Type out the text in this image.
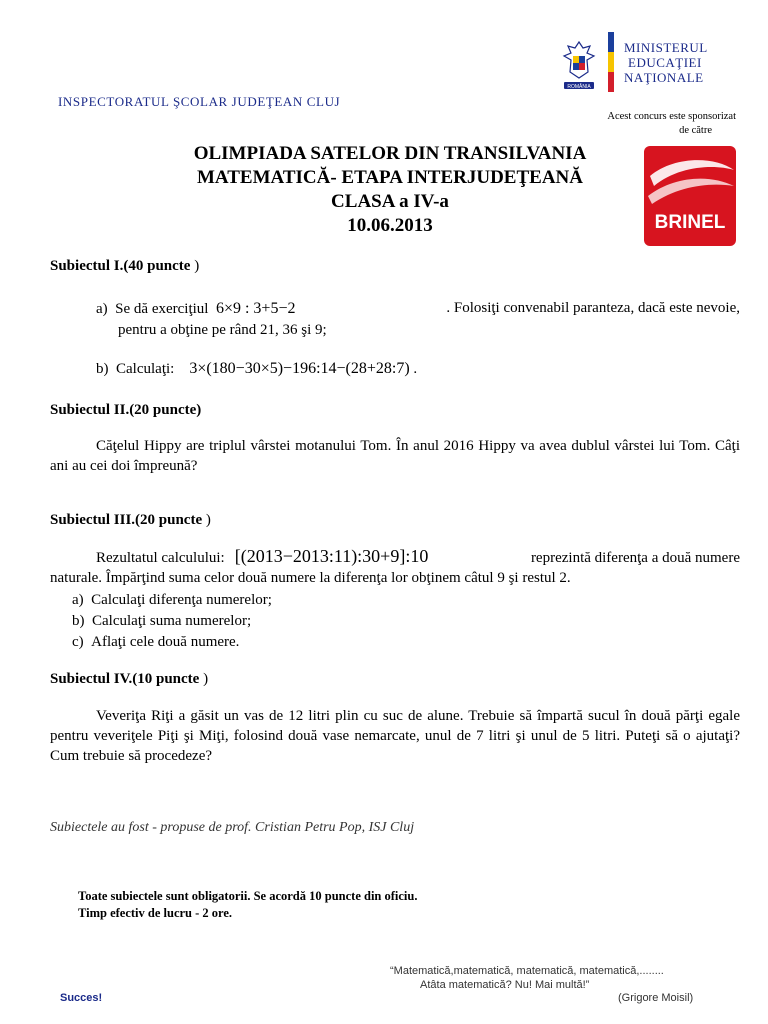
INSPECTORATUL ŞCOLAR JUDEŢEAN CLUJ
ROMÂNIA
MINISTERUL
EDUCAŢIEI
NAŢIONALE
Acest concurs este sponsorizat
de către
BRINEL
OLIMPIADA SATELOR DIN TRANSILVANIA
MATEMATICĂ- ETAPA INTERJUDEŢEANĂ
CLASA a IV-a
10.06.2013
Subiectul I.(40 puncte )
a) Se dă exerciţiul 6×9 : 3+5−2	. Folosiţi convenabil paranteza, dacă este nevoie,
pentru a obţine pe rând 21, 36 şi 9;
b) Calculaţi: 3×(180−30×5)−196:14−(28+28:7) .
Subiectul II.(20 puncte)
Căţelul Hippy are triplul vârstei motanului Tom. În anul 2016 Hippy va avea dublul vârstei lui Tom. Câţi ani au cei doi împreună?
Subiectul III.(20 puncte )
Rezultatul calculului: [(2013−2013:11):30+9]:10	reprezintă diferenţa a două numere
naturale. Împărţind suma celor două numere la diferenţa lor obţinem câtul 9 şi restul 2.
a) Calculaţi diferenţa numerelor;
b) Calculaţi suma numerelor;
c) Aflaţi cele două numere.
Subiectul IV.(10 puncte )
Veveriţa Riţi a găsit un vas de 12 litri plin cu suc de alune. Trebuie să împartă sucul în două părţi egale pentru veveriţele Piţi şi Miţi, folosind două vase nemarcate, unul de 7 litri şi unul de 5 litri. Puteţi să o ajutaţi? Cum trebuie să procedeze?
Subiectele au fost - propuse de prof. Cristian Petru Pop, ISJ Cluj
Toate subiectele sunt obligatorii. Se acordă 10 puncte din oficiu.
Timp efectiv de lucru - 2 ore.
“Matematică,matematică, matematică, matematică,........
Atâta matematică? Nu! Mai multă!”
Succes!	(Grigore Moisil)
